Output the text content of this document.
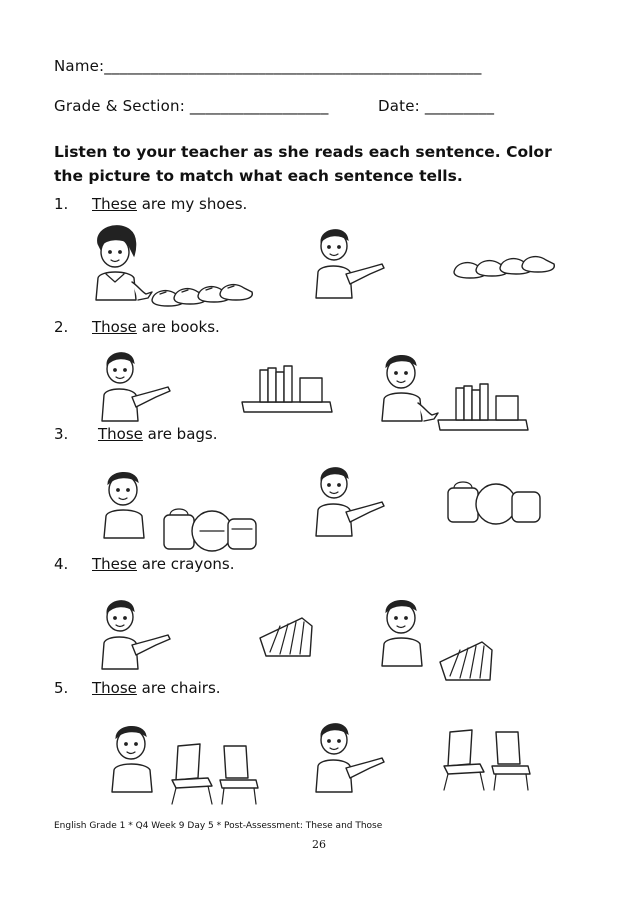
Name:_________________________________________________
Grade & Section: __________________	Date: _________
Listen to your teacher as she reads each sentence. Color
the picture to match what each sentence tells.
1. These are my shoes.
2. Those are books.
3. Those are bags.
4. These are crayons.
5. Those are chairs.
English Grade 1 * Q4 Week 9 Day 5 * Post-Assessment: These and Those
26
